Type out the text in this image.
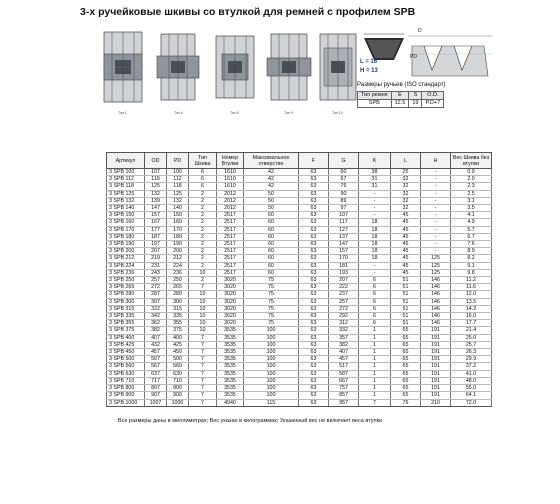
3-х ручейковые шкивы со втулкой для ремней с профилем SPB
Тип 1	Тип 6	Тип 8	Тип 9	Тип 10
L = 16
H = 13
D
PD
Размеры ручьев (ISO стандарт)
Тип ремня	E	S	O.D.
SPB	12.5	19	P.D+7
Артикул	OD	PD	Тип Шкива	Номер Втулки	Максимальное отверстие	F	G	K	L	H	Вес Шкива без втулки
3 SPB 100	107	100	6	1610	42	63	60	38	25	-	0.9
3 SPB 112	119	112	6	1610	42	63	67	31	32	-	2.0
3 SPB 118	125	118	6	1610	42	63	76	31	32	-	2.3
3 SPB 125	132	125	2	2012	50	63	90	-	32	-	2.5
3 SPB 132	139	132	2	2012	50	63	89	-	32	-	3.1
3 SPB 140	147	140	2	2012	50	63	97	-	32	-	3.5
3 SPB 150	157	150	2	2517	60	63	107	-	45	-	4.1
3 SPB 160	167	160	2	2517	60	63	117	18	45	-	4.9
3 SPB 170	177	170	2	2517	60	63	127	18	45	-	5.7
3 SPB 180	187	180	2	2517	60	63	137	18	45	-	6.7
3 SPB 190	197	190	2	2517	60	63	147	18	45	-	7.6
3 SPB 200	207	200	2	2517	60	63	157	18	45	-	8.9
3 SPB 212	219	212	2	2517	60	63	170	18	45	125	8.2
3 SPB 224	231	224	2	2517	60	63	181	-	45	125	9.1
3 SPB 236	243	236	10	2517	60	63	193	-	45	125	9.8
3 SPB 250	257	250	2	3020	75	63	207	6	51	146	11.2
3 SPB 265	272	265	7	3020	75	63	222	6	51	146	11.6
3 SPB 280	287	280	10	3020	75	63	237	6	51	146	12.0
3 SPB 300	307	300	10	3020	75	63	257	6	51	146	13.5
3 SPB 315	322	315	10	3020	75	63	272	6	51	146	14.2
3 SPB 335	342	335	10	3020	75	63	292	6	51	146	16.0
3 SPB 355	362	355	10	3020	75	63	312	6	51	146	17.7
3 SPB 375	382	375	10	3535	100	63	332	1	65	191	21.4
3 SPB 400	407	400	7	3535	100	63	357	1	65	191	25.0
3 SPB 425	432	425	7	3535	100	63	382	1	65	191	25.7
3 SPB 450	457	450	7	3535	100	63	407	1	65	191	26.3
3 SPB 500	507	500	7	3535	100	63	457	1	65	191	29.9
3 SPB 560	567	560	7	3535	100	63	517	1	65	191	37.2
3 SPB 630	637	630	7	3535	100	63	587	1	65	191	41.0
3 SPB 710	717	710	7	3535	100	63	667	1	65	191	48.0
3 SPB 800	807	800	7	3535	100	63	757	1	65	191	55.0
3 SPB 900	907	900	7	3535	100	63	857	1	65	191	64.1
3 SPB 1000	1007	1000	7	4040	115	63	957	7	76	210	72.0
Все размеры даны в миллиметрах; Вес указан в килограммах; Указанный вес не включает веса втулки
